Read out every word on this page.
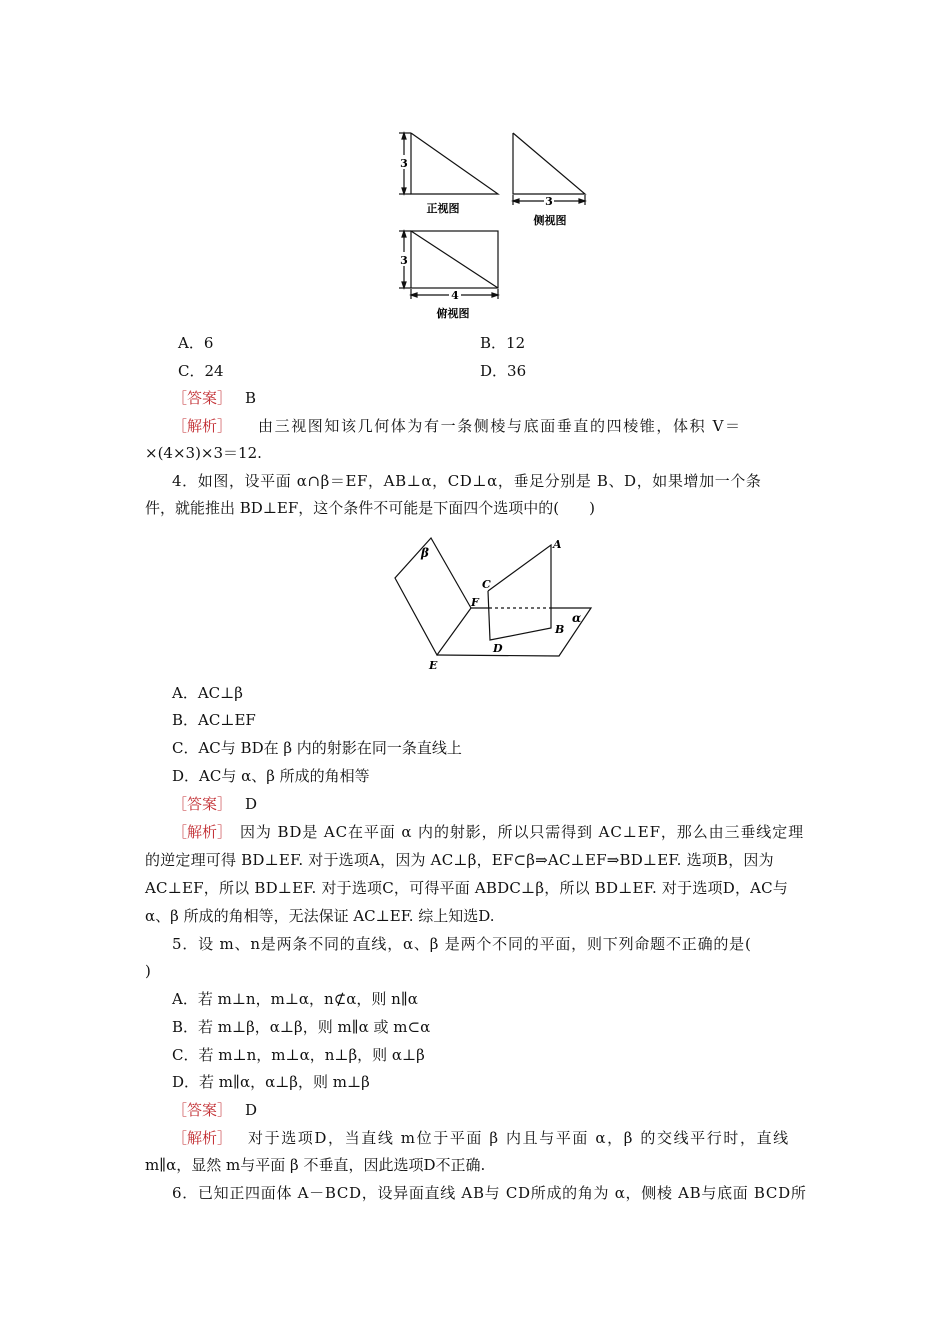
3
正视图
3
侧视图
3
4
俯视图
A．6	B．12
C．24	D．36
［答案］ B
［解析］ 由三视图知该几何体为有一条侧棱与底面垂直的四棱锥，体积 V＝
×(4×3)×3＝12.
4．如图，设平面 α∩β＝EF，AB⊥α，CD⊥α，垂足分别是 B、D，如果增加一个条
件，就能推出 BD⊥EF，这个条件不可能是下面四个选项中的(　　)
β
α
A
B
C
D
E
F
A．AC⊥β
B．AC⊥EF
C．AC与 BD在 β 内的射影在同一条直线上
D．AC与 α、β 所成的角相等
［答案］ D
［解析］ 因为 BD是 AC在平面 α 内的射影，所以只需得到 AC⊥EF，那么由三垂线定理
的逆定理可得 BD⊥EF. 对于选项A，因为 AC⊥β，EF⊂β⇒AC⊥EF⇒BD⊥EF. 选项B，因为
AC⊥EF，所以 BD⊥EF. 对于选项C，可得平面 ABDC⊥β，所以 BD⊥EF. 对于选项D，AC与
α、β 所成的角相等，无法保证 AC⊥EF. 综上知选D.
5．设 m、n是两条不同的直线，α、β 是两个不同的平面，则下列命题不正确的是(
)
A．若 m⊥n，m⊥α，n⊄α，则 n∥α
B．若 m⊥β，α⊥β，则 m∥α 或 m⊂α
C．若 m⊥n，m⊥α，n⊥β，则 α⊥β
D．若 m∥α，α⊥β，则 m⊥β
［答案］ D
［解析］ 对于选项D，当直线 m位于平面 β 内且与平面 α，β 的交线平行时，直线
m∥α，显然 m与平面 β 不垂直，因此选项D不正确.
6．已知正四面体 A－BCD，设异面直线 AB与 CD所成的角为 α，侧棱 AB与底面 BCD所
